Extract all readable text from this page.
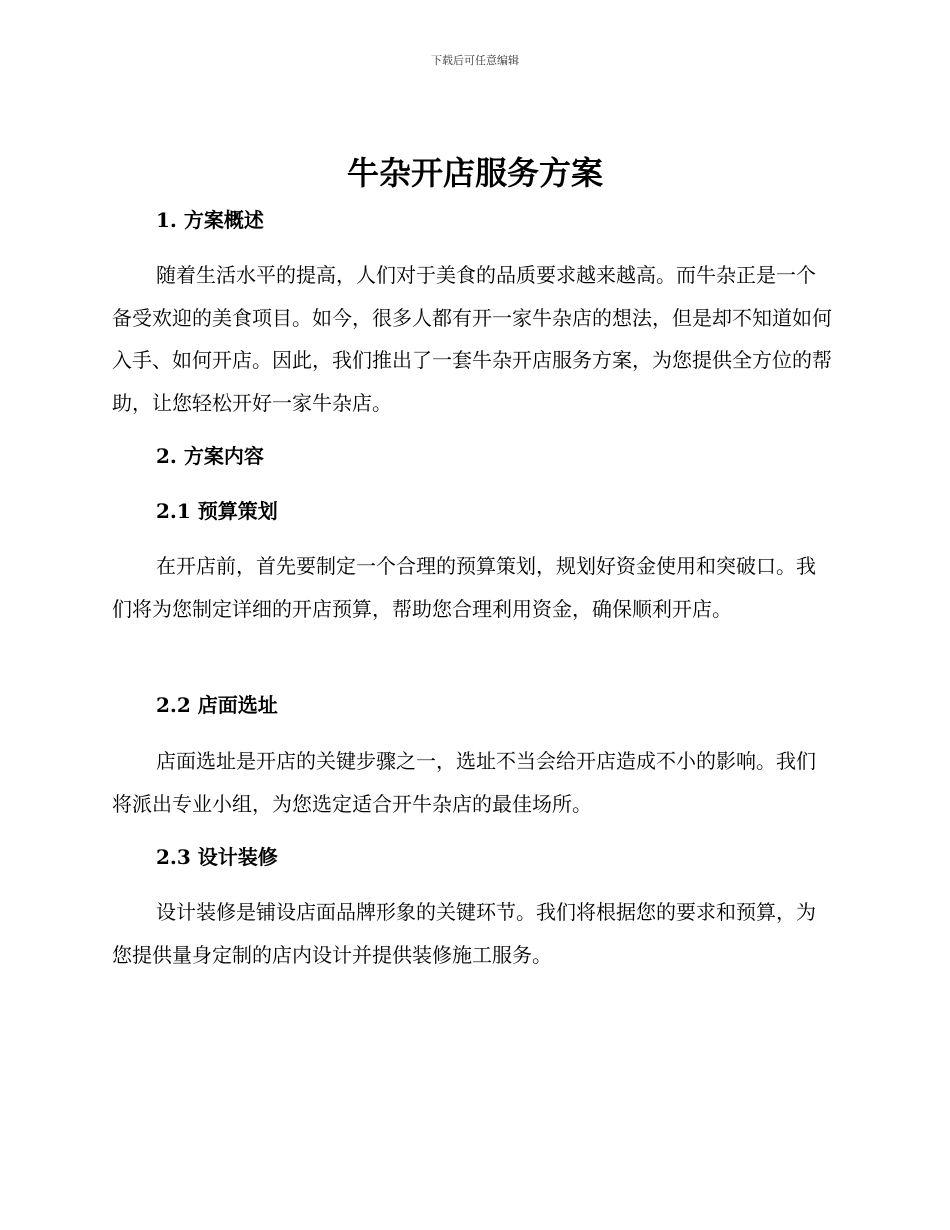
下载后可任意编辑
牛杂开店服务方案
1. 方案概述

随着生活水平的提高，人们对于美食的品质要求越来越高。而牛杂正是一个备受欢迎的美食项目。如今，很多人都有开一家牛杂店的想法，但是却不知道如何入手、如何开店。因此，我们推出了一套牛杂开店服务方案，为您提供全方位的帮助，让您轻松开好一家牛杂店。

2. 方案内容
2.1 预算策划

在开店前，首先要制定一个合理的预算策划，规划好资金使用和突破口。我们将为您制定详细的开店预算，帮助您合理利用资金，确保顺利开店。

2.2 店面选址

店面选址是开店的关键步骤之一，选址不当会给开店造成不小的影响。我们将派出专业小组，为您选定适合开牛杂店的最佳场所。

2.3 设计装修

设计装修是铺设店面品牌形象的关键环节。我们将根据您的要求和预算，为您提供量身定制的店内设计并提供装修施工服务。
